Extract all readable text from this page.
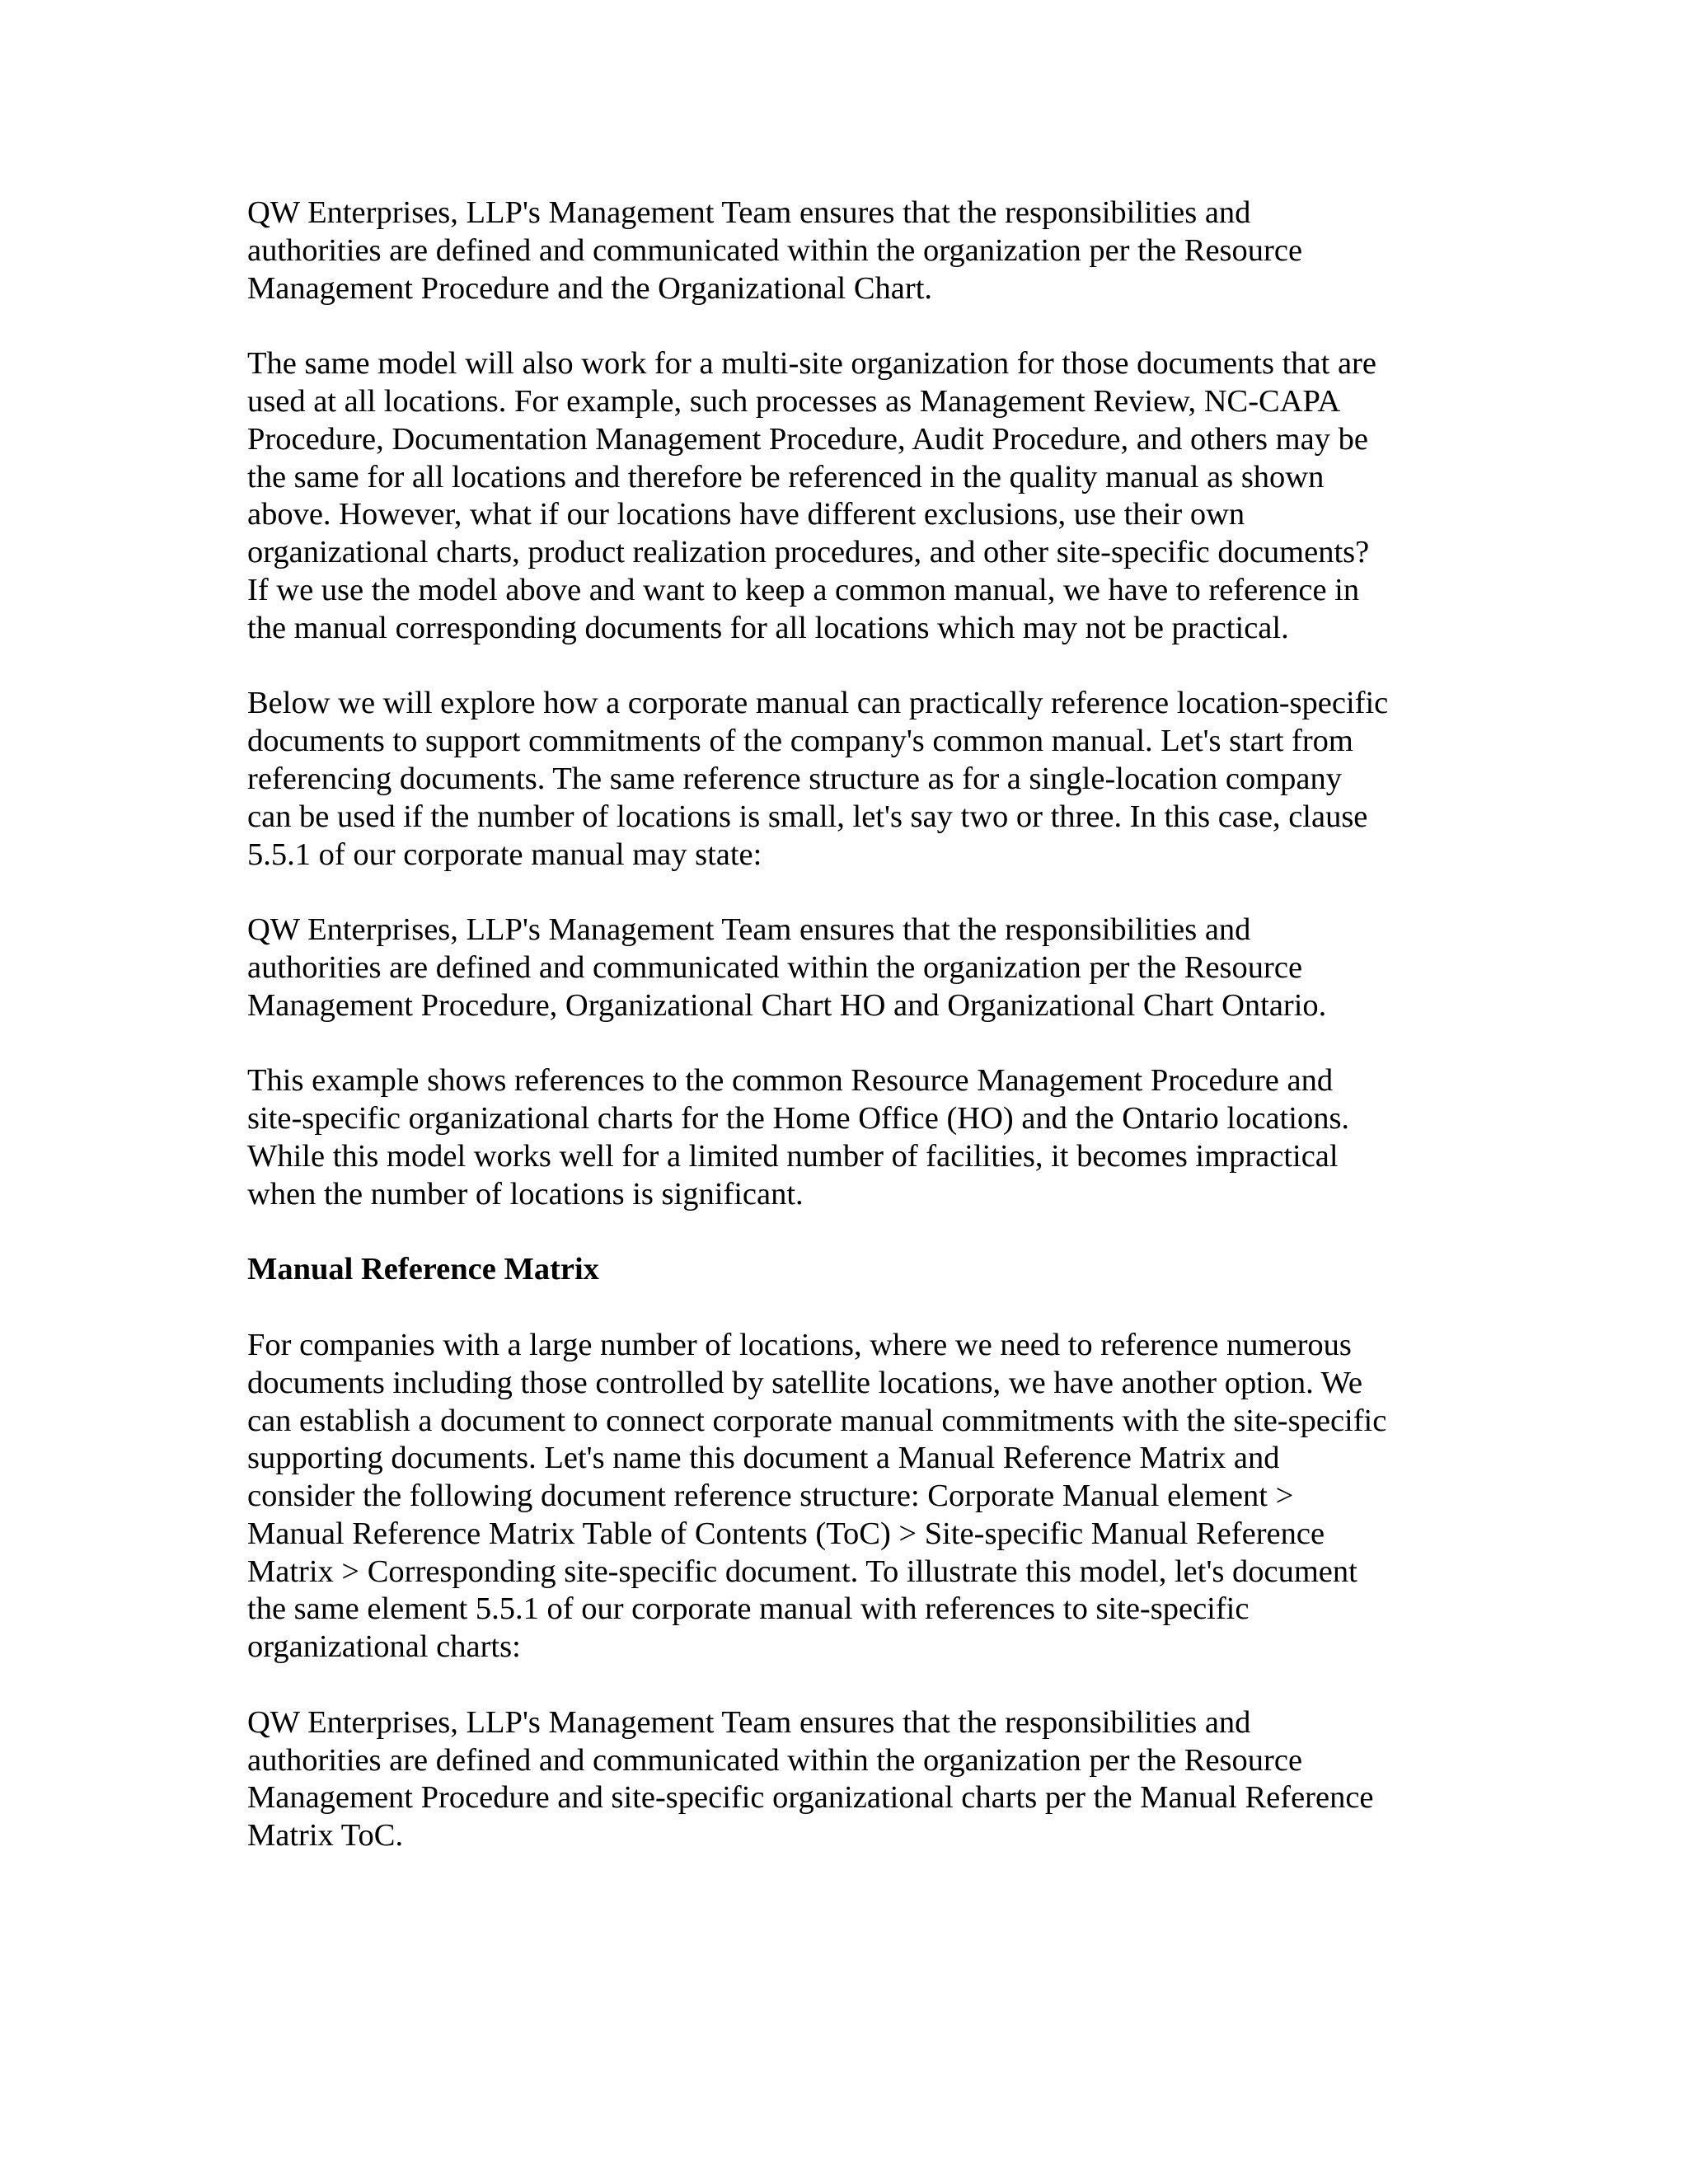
QW Enterprises, LLP's Management Team ensures that the responsibilities and
authorities are defined and communicated within the organization per the Resource
Management Procedure and the Organizational Chart.

The same model will also work for a multi-site organization for those documents that are
used at all locations. For example, such processes as Management Review, NC-CAPA
Procedure, Documentation Management Procedure, Audit Procedure, and others may be
the same for all locations and therefore be referenced in the quality manual as shown
above. However, what if our locations have different exclusions, use their own
organizational charts, product realization procedures, and other site-specific documents?
If we use the model above and want to keep a common manual, we have to reference in
the manual corresponding documents for all locations which may not be practical.

Below we will explore how a corporate manual can practically reference location-specific
documents to support commitments of the company's common manual. Let's start from
referencing documents. The same reference structure as for a single-location company
can be used if the number of locations is small, let's say two or three. In this case, clause
5.5.1 of our corporate manual may state:

QW Enterprises, LLP's Management Team ensures that the responsibilities and
authorities are defined and communicated within the organization per the Resource
Management Procedure, Organizational Chart HO and Organizational Chart Ontario.

This example shows references to the common Resource Management Procedure and
site-specific organizational charts for the Home Office (HO) and the Ontario locations.
While this model works well for a limited number of facilities, it becomes impractical
when the number of locations is significant.

Manual Reference Matrix

For companies with a large number of locations, where we need to reference numerous
documents including those controlled by satellite locations, we have another option. We
can establish a document to connect corporate manual commitments with the site-specific
supporting documents. Let's name this document a Manual Reference Matrix and
consider the following document reference structure: Corporate Manual element >
Manual Reference Matrix Table of Contents (ToC) > Site-specific Manual Reference
Matrix > Corresponding site-specific document. To illustrate this model, let's document
the same element 5.5.1 of our corporate manual with references to site-specific
organizational charts:

QW Enterprises, LLP's Management Team ensures that the responsibilities and
authorities are defined and communicated within the organization per the Resource
Management Procedure and site-specific organizational charts per the Manual Reference
Matrix ToC.
